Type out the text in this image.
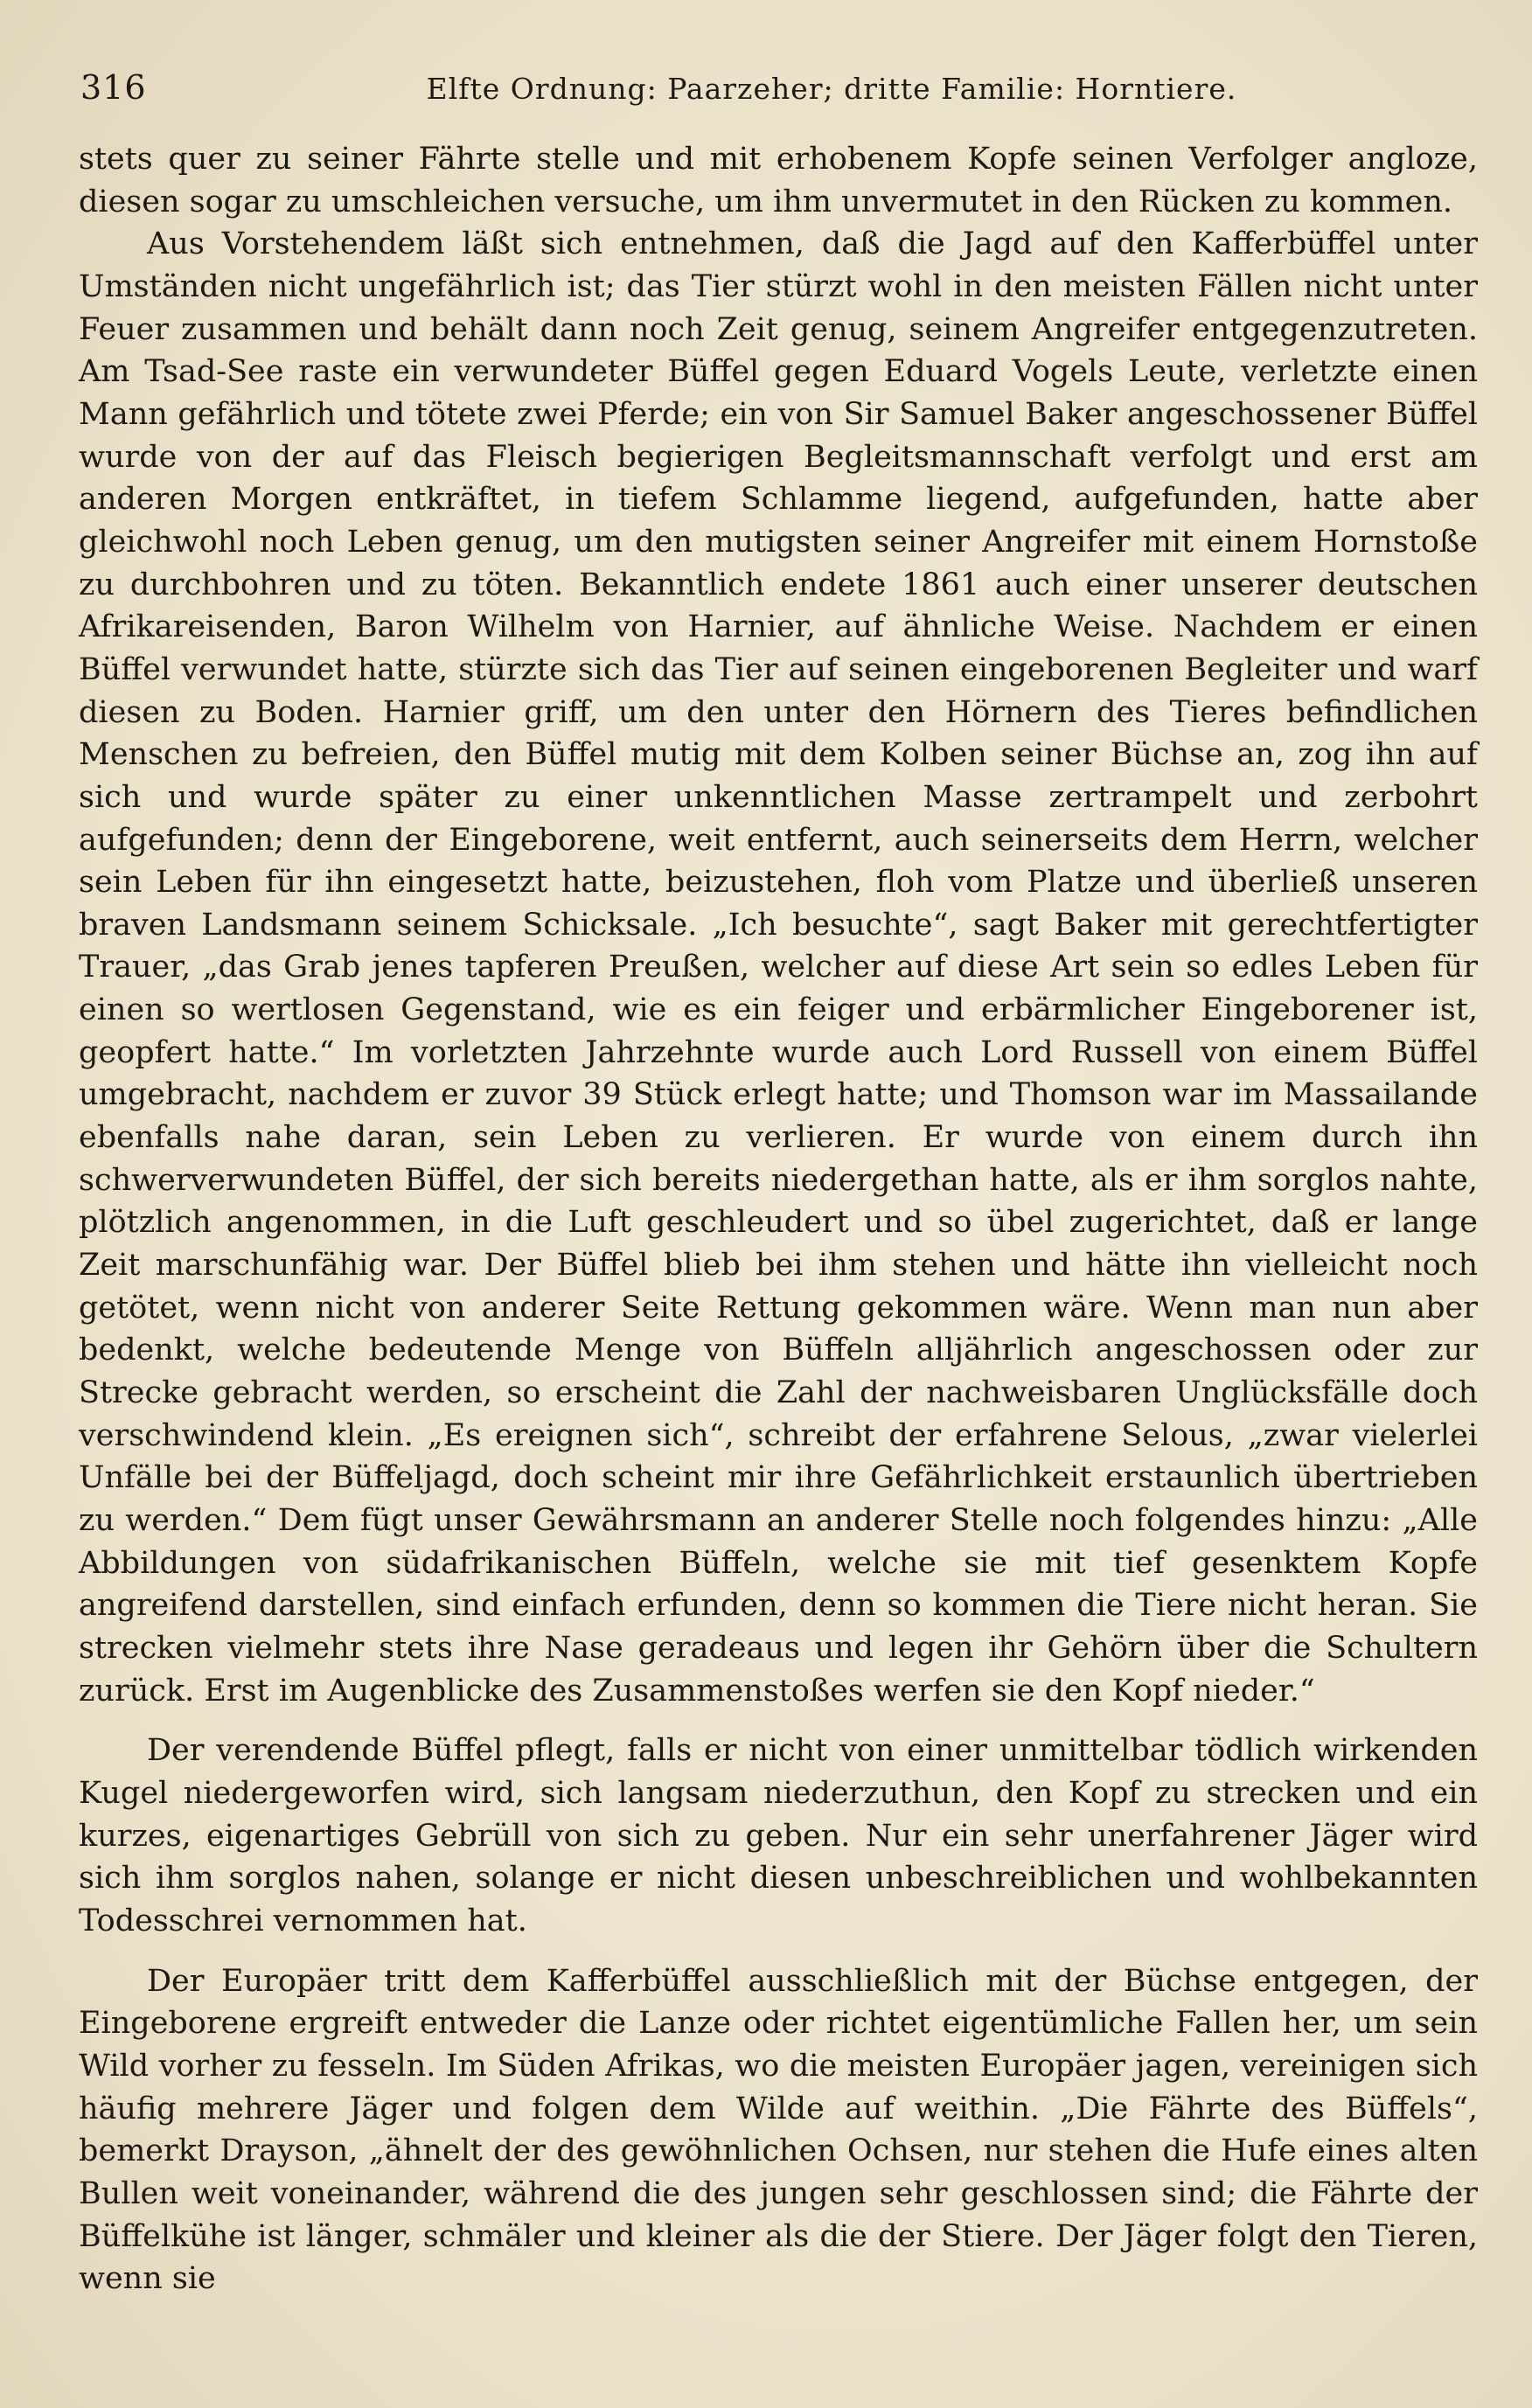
316	Elfte Ordnung: Paarzeher; dritte Familie: Horntiere.

stets quer zu seiner Fährte stelle und mit erhobenem Kopfe seinen Verfolger angloze, diesen sogar zu umschleichen versuche, um ihm unvermutet in den Rücken zu kommen.

Aus Vorstehendem läßt sich entnehmen, daß die Jagd auf den Kafferbüffel unter Umständen nicht ungefährlich ist; das Tier stürzt wohl in den meisten Fällen nicht unter Feuer zusammen und behält dann noch Zeit genug, seinem Angreifer entgegenzutreten. Am Tsad-See raste ein verwundeter Büffel gegen Eduard Vogels Leute, verletzte einen Mann gefährlich und tötete zwei Pferde; ein von Sir Samuel Baker angeschossener Büffel wurde von der auf das Fleisch begierigen Begleitsmannschaft verfolgt und erst am anderen Morgen entkräftet, in tiefem Schlamme liegend, aufgefunden, hatte aber gleichwohl noch Leben genug, um den mutigsten seiner Angreifer mit einem Hornstoße zu durchbohren und zu töten. Bekanntlich endete 1861 auch einer unserer deutschen Afrikareisenden, Baron Wilhelm von Harnier, auf ähnliche Weise. Nachdem er einen Büffel verwundet hatte, stürzte sich das Tier auf seinen eingeborenen Begleiter und warf diesen zu Boden. Harnier griff, um den unter den Hörnern des Tieres befindlichen Menschen zu befreien, den Büffel mutig mit dem Kolben seiner Büchse an, zog ihn auf sich und wurde später zu einer unkenntlichen Masse zertrampelt und zerbohrt aufgefunden; denn der Eingeborene, weit entfernt, auch seinerseits dem Herrn, welcher sein Leben für ihn eingesetzt hatte, beizustehen, floh vom Platze und überließ unseren braven Landsmann seinem Schicksale. „Ich besuchte“, sagt Baker mit gerechtfertigter Trauer, „das Grab jenes tapferen Preußen, welcher auf diese Art sein so edles Leben für einen so wertlosen Gegenstand, wie es ein feiger und erbärmlicher Eingeborener ist, geopfert hatte.“ Im vorletzten Jahrzehnte wurde auch Lord Russell von einem Büffel umgebracht, nachdem er zuvor 39 Stück erlegt hatte; und Thomson war im Massailande ebenfalls nahe daran, sein Leben zu verlieren. Er wurde von einem durch ihn schwerverwundeten Büffel, der sich bereits niedergethan hatte, als er ihm sorglos nahte, plötzlich angenommen, in die Luft geschleudert und so übel zugerichtet, daß er lange Zeit marschunfähig war. Der Büffel blieb bei ihm stehen und hätte ihn vielleicht noch getötet, wenn nicht von anderer Seite Rettung gekommen wäre. Wenn man nun aber bedenkt, welche bedeutende Menge von Büffeln alljährlich angeschossen oder zur Strecke gebracht werden, so erscheint die Zahl der nachweisbaren Unglücksfälle doch verschwindend klein. „Es ereignen sich“, schreibt der erfahrene Selous, „zwar vielerlei Unfälle bei der Büffeljagd, doch scheint mir ihre Gefährlichkeit erstaunlich übertrieben zu werden.“ Dem fügt unser Gewährsmann an anderer Stelle noch folgendes hinzu: „Alle Abbildungen von südafrikanischen Büffeln, welche sie mit tief gesenktem Kopfe angreifend darstellen, sind einfach erfunden, denn so kommen die Tiere nicht heran. Sie strecken vielmehr stets ihre Nase geradeaus und legen ihr Gehörn über die Schultern zurück. Erst im Augenblicke des Zusammenstoßes werfen sie den Kopf nieder.“

Der verendende Büffel pflegt, falls er nicht von einer unmittelbar tödlich wirkenden Kugel niedergeworfen wird, sich langsam niederzuthun, den Kopf zu strecken und ein kurzes, eigenartiges Gebrüll von sich zu geben. Nur ein sehr unerfahrener Jäger wird sich ihm sorglos nahen, solange er nicht diesen unbeschreiblichen und wohlbekannten Todesschrei vernommen hat.

Der Europäer tritt dem Kafferbüffel ausschließlich mit der Büchse entgegen, der Eingeborene ergreift entweder die Lanze oder richtet eigentümliche Fallen her, um sein Wild vorher zu fesseln. Im Süden Afrikas, wo die meisten Europäer jagen, vereinigen sich häufig mehrere Jäger und folgen dem Wilde auf weithin. „Die Fährte des Büffels“, bemerkt Drayson, „ähnelt der des gewöhnlichen Ochsen, nur stehen die Hufe eines alten Bullen weit voneinander, während die des jungen sehr geschlossen sind; die Fährte der Büffelkühe ist länger, schmäler und kleiner als die der Stiere. Der Jäger folgt den Tieren, wenn sie
